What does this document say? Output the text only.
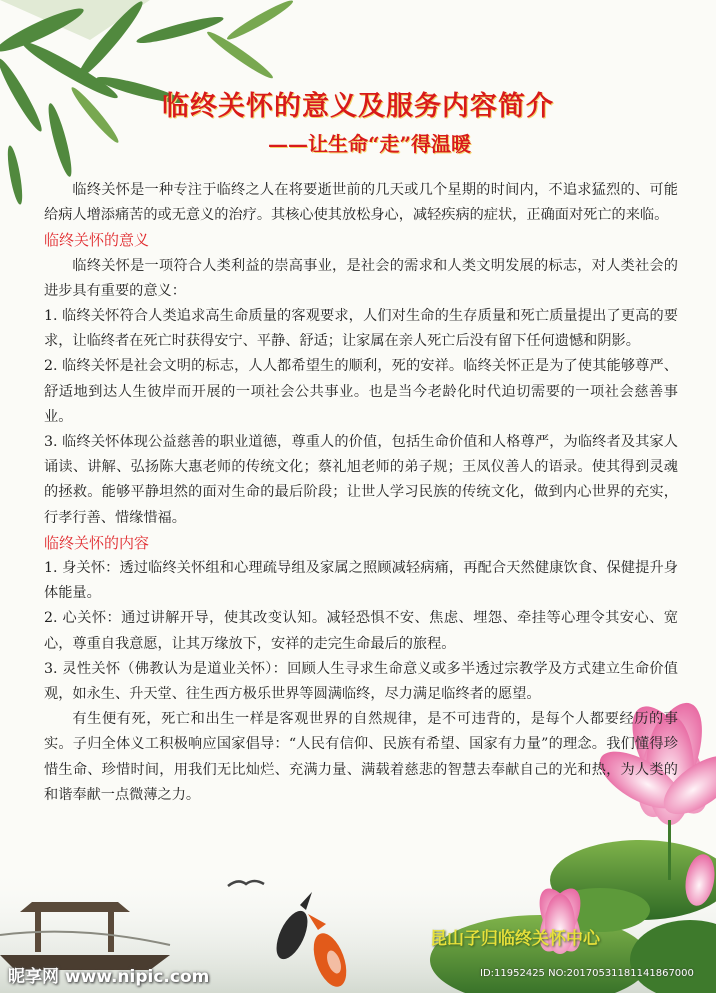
临终关怀的意义及服务内容简介
——让生命“走”得温暖

临终关怀是一种专注于临终之人在将要逝世前的几天或几个星期的时间内，不追求猛烈的、可能给病人增添痛苦的或无意义的治疗。其核心使其放松身心，减轻疾病的症状，正确面对死亡的来临。

临终关怀的意义

临终关怀是一项符合人类利益的崇高事业，是社会的需求和人类文明发展的标志，对人类社会的进步具有重要的意义：

1. 临终关怀符合人类追求高生命质量的客观要求，人们对生命的生存质量和死亡质量提出了更高的要求，让临终者在死亡时获得安宁、平静、舒适；让家属在亲人死亡后没有留下任何遗憾和阴影。

2. 临终关怀是社会文明的标志，人人都希望生的顺利，死的安祥。临终关怀正是为了使其能够尊严、舒适地到达人生彼岸而开展的一项社会公共事业。也是当今老龄化时代迫切需要的一项社会慈善事业。

3. 临终关怀体现公益慈善的职业道德，尊重人的价值，包括生命价值和人格尊严，为临终者及其家人诵读、讲解、弘扬陈大惠老师的传统文化；蔡礼旭老师的弟子规；王凤仪善人的语录。使其得到灵魂的拯救。能够平静坦然的面对生命的最后阶段；让世人学习民族的传统文化，做到内心世界的充实，行孝行善、惜缘惜福。

临终关怀的内容

1. 身关怀：透过临终关怀组和心理疏导组及家属之照顾减轻病痛，再配合天然健康饮食、保健提升身体能量。

2. 心关怀：通过讲解开导，使其改变认知。减轻恐惧不安、焦虑、埋怨、牵挂等心理令其安心、宽心，尊重自我意愿，让其万缘放下，安祥的走完生命最后的旅程。

3. 灵性关怀（佛教认为是道业关怀）：回顾人生寻求生命意义或多半透过宗教学及方式建立生命价值观，如永生、升天堂、往生西方极乐世界等圆满临终，尽力满足临终者的愿望。

有生便有死，死亡和出生一样是客观世界的自然规律，是不可违背的，是每个人都要经历的事实。子归全体义工积极响应国家倡导：“人民有信仰、民族有希望、国家有力量”的理念。我们懂得珍惜生命、珍惜时间，用我们无比灿烂、充满力量、满载着慈悲的智慧去奉献自己的光和热，为人类的和谐奉献一点微薄之力。

昆山子归临终关怀中心
昵享网 www.nipic.com	ID:11952425 NO:20170531181141867000
